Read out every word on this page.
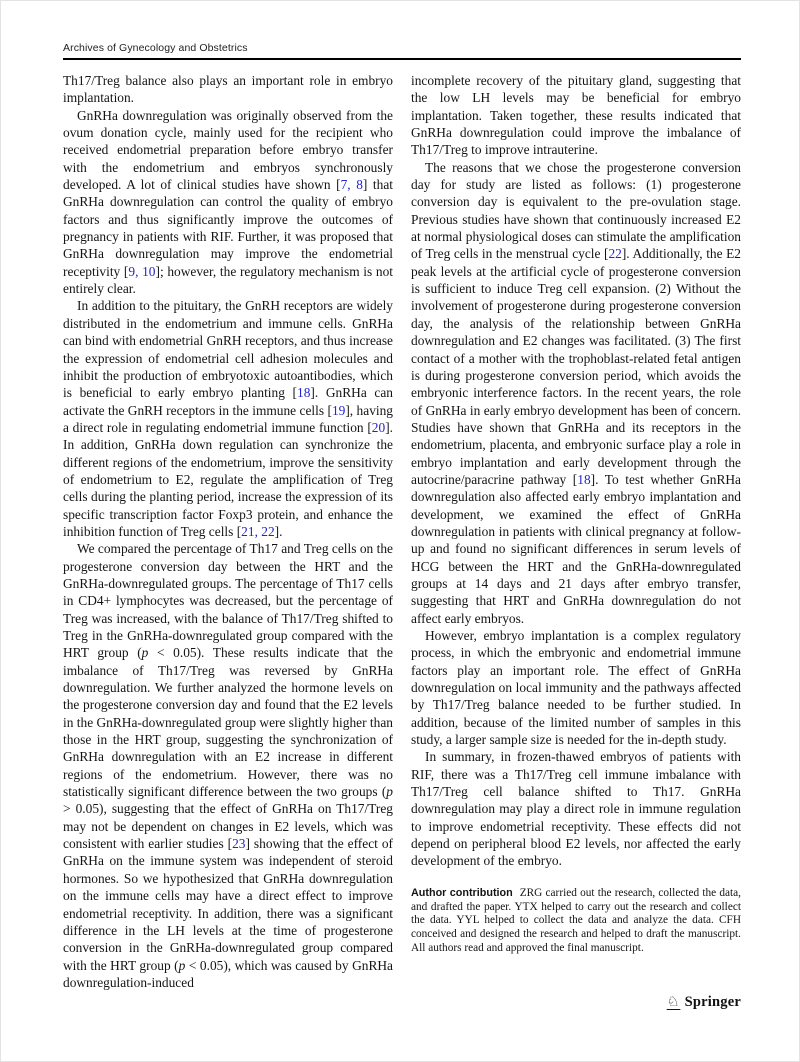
Archives of Gynecology and Obstetrics

Th17/Treg balance also plays an important role in embryo implantation.

GnRHa downregulation was originally observed from the ovum donation cycle, mainly used for the recipient who received endometrial preparation before embryo transfer with the endometrium and embryos synchronously developed. A lot of clinical studies have shown [7, 8] that GnRHa downregulation can control the quality of embryo factors and thus significantly improve the outcomes of pregnancy in patients with RIF. Further, it was proposed that GnRHa downregulation may improve the endometrial receptivity [9, 10]; however, the regulatory mechanism is not entirely clear.

In addition to the pituitary, the GnRH receptors are widely distributed in the endometrium and immune cells. GnRHa can bind with endometrial GnRH receptors, and thus increase the expression of endometrial cell adhesion molecules and inhibit the production of embryotoxic autoantibodies, which is beneficial to early embryo planting [18]. GnRHa can activate the GnRH receptors in the immune cells [19], having a direct role in regulating endometrial immune function [20]. In addition, GnRHa down regulation can synchronize the different regions of the endometrium, improve the sensitivity of endometrium to E2, regulate the amplification of Treg cells during the planting period, increase the expression of its specific transcription factor Foxp3 protein, and enhance the inhibition function of Treg cells [21, 22].

We compared the percentage of Th17 and Treg cells on the progesterone conversion day between the HRT and the GnRHa-downregulated groups. The percentage of Th17 cells in CD4+ lymphocytes was decreased, but the percentage of Treg was increased, with the balance of Th17/Treg shifted to Treg in the GnRHa-downregulated group compared with the HRT group (p < 0.05). These results indicate that the imbalance of Th17/Treg was reversed by GnRHa downregulation. We further analyzed the hormone levels on the progesterone conversion day and found that the E2 levels in the GnRHa-downregulated group were slightly higher than those in the HRT group, suggesting the synchronization of GnRHa downregulation with an E2 increase in different regions of the endometrium. However, there was no statistically significant difference between the two groups (p > 0.05), suggesting that the effect of GnRHa on Th17/Treg may not be dependent on changes in E2 levels, which was consistent with earlier studies [23] showing that the effect of GnRHa on the immune system was independent of steroid hormones. So we hypothesized that GnRHa downregulation on the immune cells may have a direct effect to improve endometrial receptivity. In addition, there was a significant difference in the LH levels at the time of progesterone conversion in the GnRHa-downregulated group compared with the HRT group (p < 0.05), which was caused by GnRHa downregulation-induced

incomplete recovery of the pituitary gland, suggesting that the low LH levels may be beneficial for embryo implantation. Taken together, these results indicated that GnRHa downregulation could improve the imbalance of Th17/Treg to improve intrauterine.

The reasons that we chose the progesterone conversion day for study are listed as follows: (1) progesterone conversion day is equivalent to the pre-ovulation stage. Previous studies have shown that continuously increased E2 at normal physiological doses can stimulate the amplification of Treg cells in the menstrual cycle [22]. Additionally, the E2 peak levels at the artificial cycle of progesterone conversion is sufficient to induce Treg cell expansion. (2) Without the involvement of progesterone during progesterone conversion day, the analysis of the relationship between GnRHa downregulation and E2 changes was facilitated. (3) The first contact of a mother with the trophoblast-related fetal antigen is during progesterone conversion period, which avoids the embryonic interference factors. In the recent years, the role of GnRHa in early embryo development has been of concern. Studies have shown that GnRHa and its receptors in the endometrium, placenta, and embryonic surface play a role in embryo implantation and early development through the autocrine/paracrine pathway [18]. To test whether GnRHa downregulation also affected early embryo implantation and development, we examined the effect of GnRHa downregulation in patients with clinical pregnancy at follow-up and found no significant differences in serum levels of HCG between the HRT and the GnRHa-downregulated groups at 14 days and 21 days after embryo transfer, suggesting that HRT and GnRHa downregulation do not affect early embryos.

However, embryo implantation is a complex regulatory process, in which the embryonic and endometrial immune factors play an important role. The effect of GnRHa downregulation on local immunity and the pathways affected by Th17/Treg balance needed to be further studied. In addition, because of the limited number of samples in this study, a larger sample size is needed for the in-depth study.

In summary, in frozen-thawed embryos of patients with RIF, there was a Th17/Treg cell immune imbalance with Th17/Treg cell balance shifted to Th17. GnRHa downregulation may play a direct role in immune regulation to improve endometrial receptivity. These effects did not depend on peripheral blood E2 levels, nor affected the early development of the embryo.

Author contribution ZRG carried out the research, collected the data, and drafted the paper. YTX helped to carry out the research and collect the data. YYL helped to collect the data and analyze the data. CFH conceived and designed the research and helped to draft the manuscript. All authors read and approved the final manuscript.
♘ Springer
